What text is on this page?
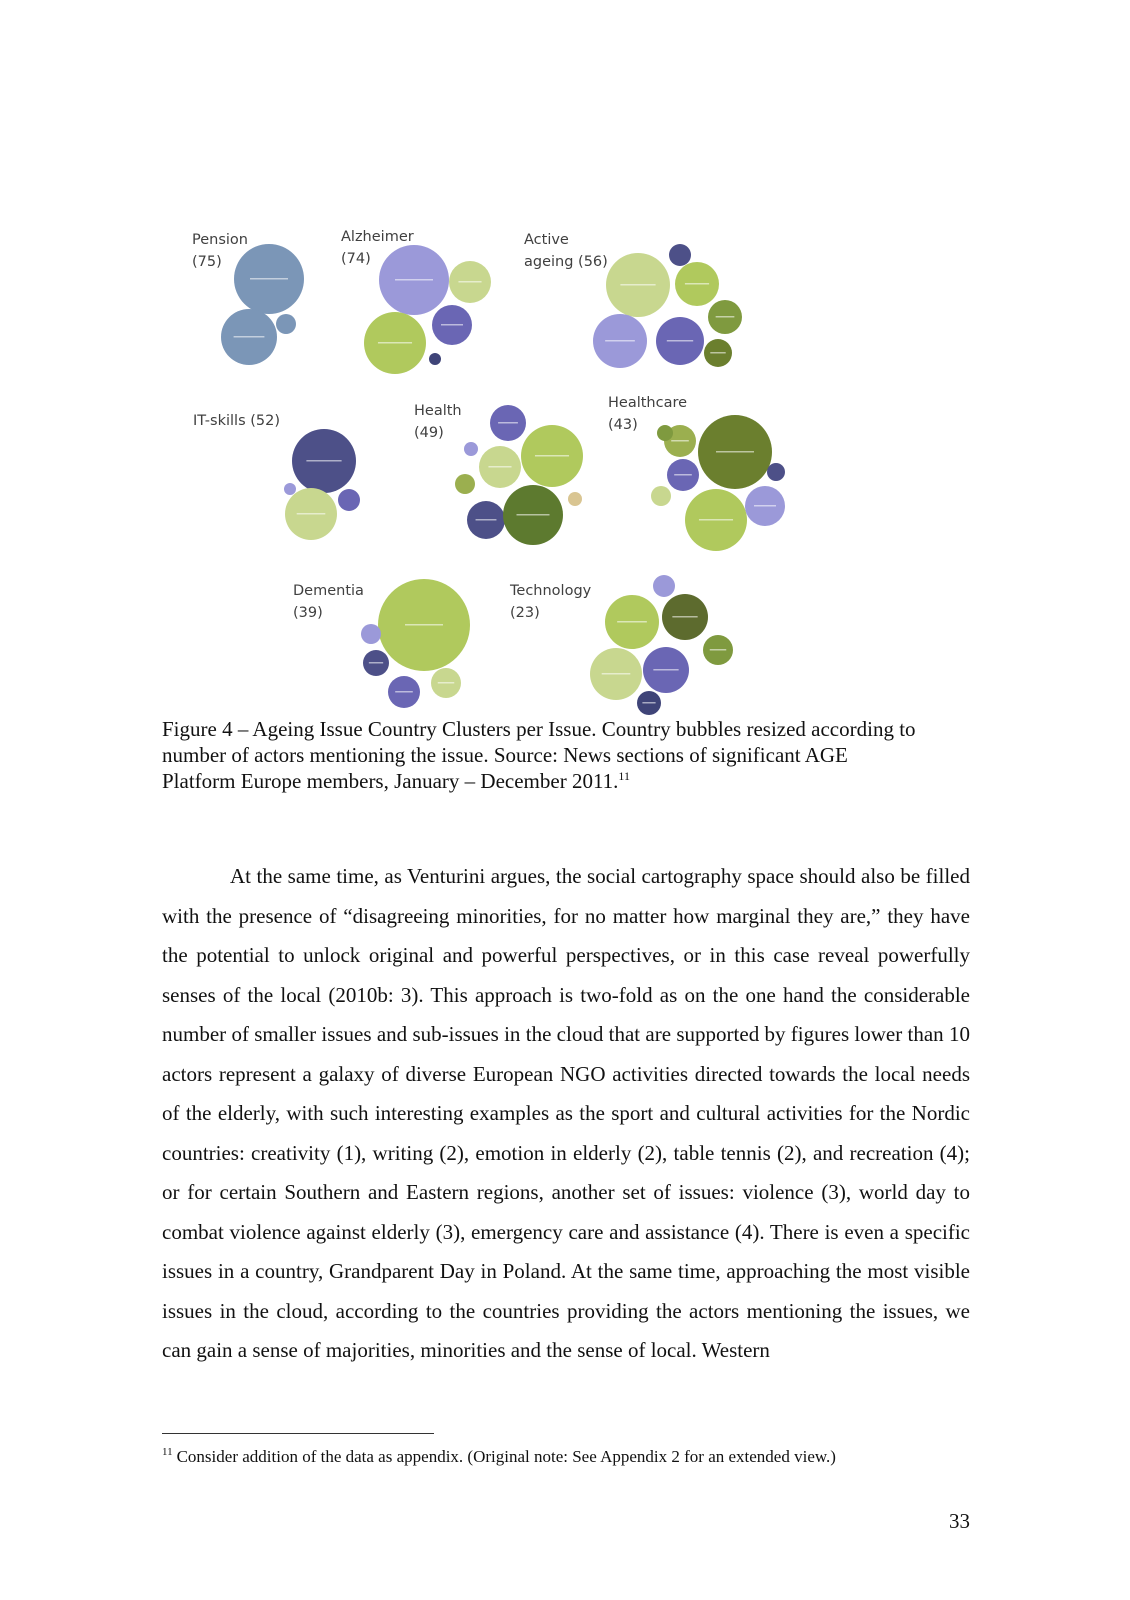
Pension
(75)
Alzheimer
(74)
Active
ageing (56)
IT-skills (52)
Health
(49)
Healthcare
(43)
Dementia
(39)
Technology
(23)
Figure 4 – Ageing Issue Country Clusters per Issue. Country bubbles resized according to number of actors mentioning the issue. Source: News sections of significant AGE Platform Europe members, January – December 2011.11

At the same time, as Venturini argues, the social cartography space should also be filled with the presence of “disagreeing minorities, for no matter how marginal they are,” they have the potential to unlock original and powerful perspectives, or in this case reveal powerfully senses of the local (2010b: 3). This approach is two-fold as on the one hand the considerable number of smaller issues and sub-issues in the cloud that are supported by figures lower than 10 actors represent a galaxy of diverse European NGO activities directed towards the local needs of the elderly, with such interesting examples as the sport and cultural activities for the Nordic countries: creativity (1), writing (2), emotion in elderly (2), table tennis (2), and recreation (4); or for certain Southern and Eastern regions, another set of issues: violence (3), world day to combat violence against elderly (3), emergency care and assistance (4). There is even a specific issues in a country, Grandparent Day in Poland. At the same time, approaching the most visible issues in the cloud, according to the countries providing the actors mentioning the issues, we can gain a sense of majorities, minorities and the sense of local. Western

$^{11}$ Consider addition of the data as appendix. (Original note: See Appendix 2 for an extended view.)
33
